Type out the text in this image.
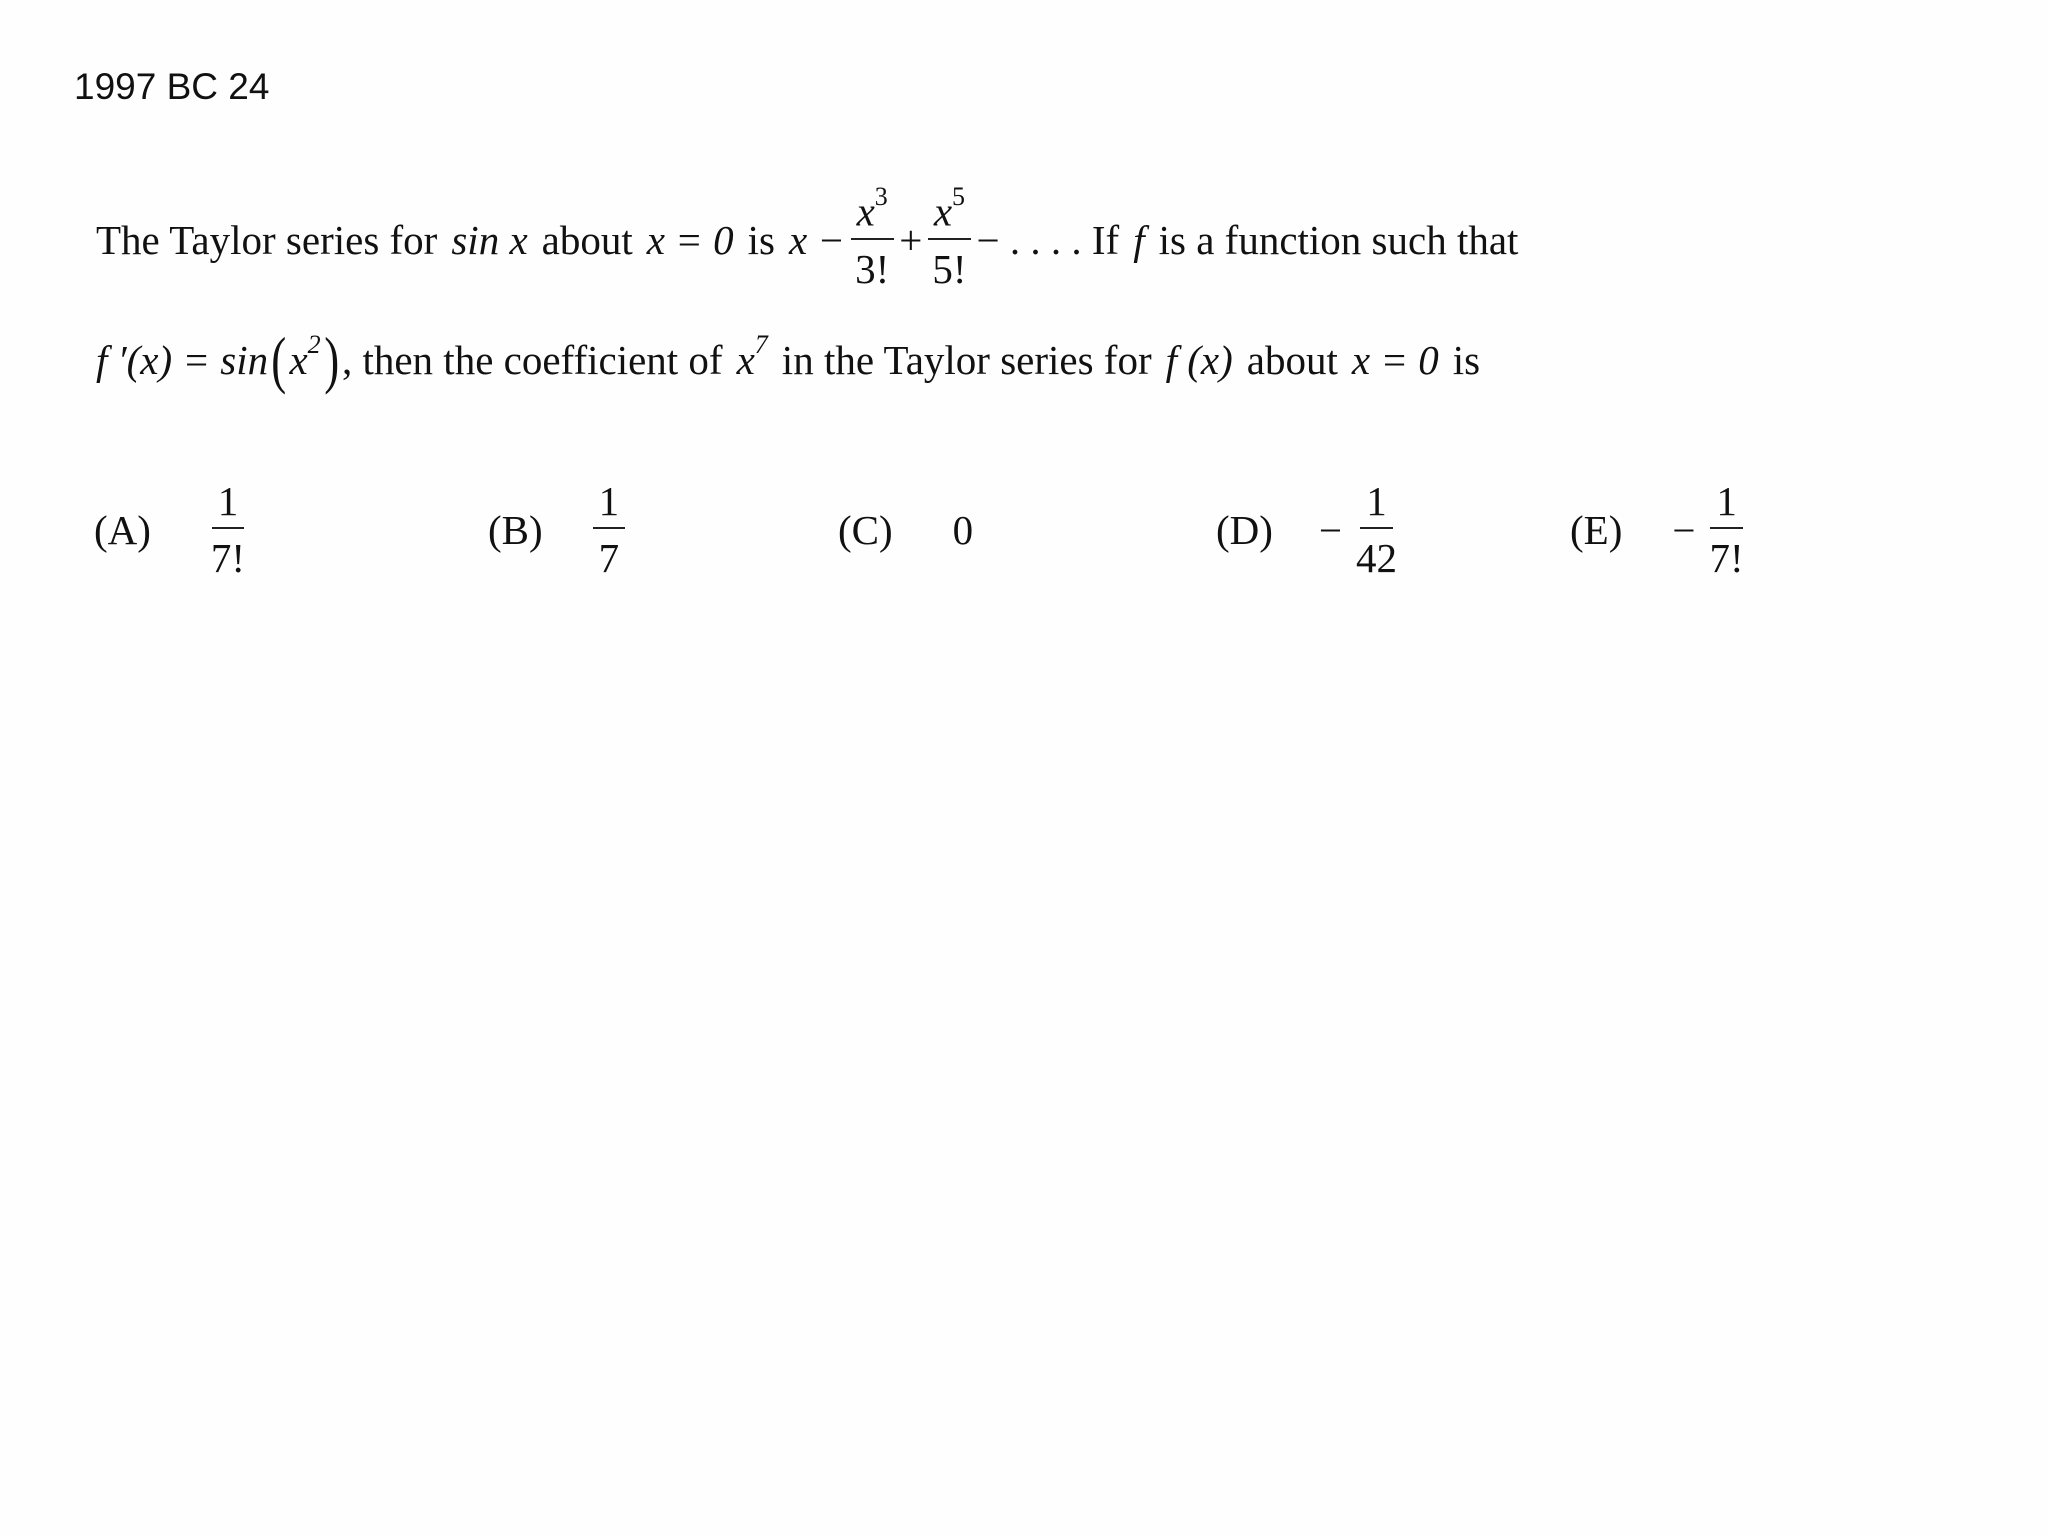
1997 BC 24
The Taylor series for sin x about x = 0 is $x - \frac{x^3}{3!} + \frac{x^5}{5!}$ − . . . . If f is a function such that
f ′(x) = sin ( $x^2$ ) , then the coefficient of $x^7$ in the Taylor series for f (x) about x = 0 is
$(A) \frac{1}{7!}$	$(B) \frac{1}{7}$	(C) 0	$(D) - \frac{1}{42}$	$(E) - \frac{1}{7!}$
